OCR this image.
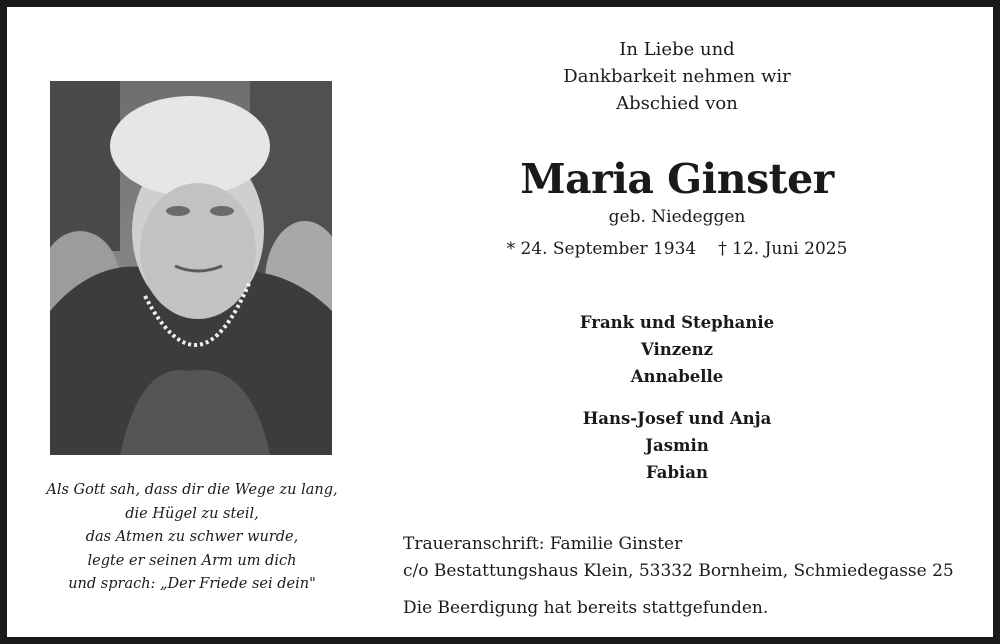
Als Gott sah, dass dir die Wege zu lang,
die Hügel zu steil,
das Atmen zu schwer wurde,
legte er seinen Arm um dich
und sprach: „Der Friede sei dein"
In Liebe und
Dankbarkeit nehmen wir
Abschied von
Maria Ginster
geb. Niedeggen
* 24. September 1934 † 12. Juni 2025
Frank und Stephanie
Vinzenz
Annabelle
Hans-Josef und Anja
Jasmin
Fabian
Traueranschrift: Familie Ginster
c/o Bestattungshaus Klein, 53332 Bornheim, Schmiedegasse 25
Die Beerdigung hat bereits stattgefunden.
